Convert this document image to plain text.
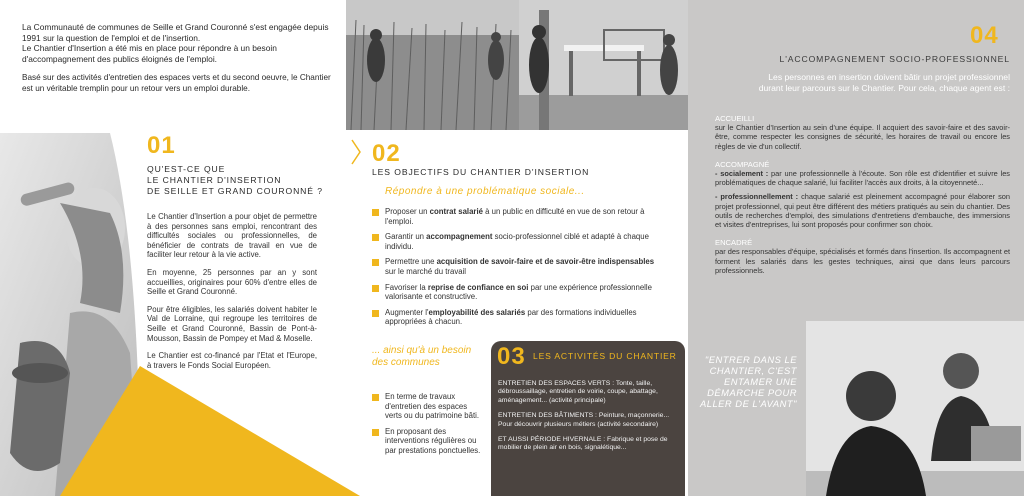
La Communauté de communes de Seille et Grand Couronné s'est engagée depuis 1991 sur la question de l'emploi et de l'insertion.

Le Chantier d'Insertion a été mis en place pour répondre à un besoin d'accompagnement des publics éloignés de l'emploi.

Basé sur des activités d'entretien des espaces verts et du second oeuvre, le Chantier est un véritable tremplin pour un retour vers un emploi durable.

01
QU'EST-CE QUE
LE CHANTIER D'INSERTION
DE SEILLE ET GRAND COURONNÉ ?

Le Chantier d'Insertion a pour objet de permettre à des personnes sans emploi, rencontrant des difficultés sociales ou professionnelles, de bénéficier de contrats de travail en vue de faciliter leur retour à la vie active.

En moyenne, 25 personnes par an y sont accueillies, originaires pour 60% d'entre elles de Seille et Grand Couronné.

Pour être éligibles, les salariés doivent habiter le Val de Lorraine, qui regroupe les territoires de Seille et Grand Couronné, Bassin de Pont-à-Mousson, Bassin de Pompey et Mad & Moselle.

Le Chantier est co-financé par l'Etat et l'Europe, à travers le Fonds Social Européen.

02
LES OBJECTIFS DU CHANTIER D'INSERTION
Répondre à une problématique sociale...
Proposer un contrat salarié à un public en difficulté en vue de son retour à l'emploi.
Garantir un accompagnement socio-professionnel ciblé et adapté à chaque individu.
Permettre une acquisition de savoir-faire et de savoir-être indispensables sur le marché du travail
Favoriser la reprise de confiance en soi par une expérience professionnelle valorisante et constructive.
Augmenter l'employabilité des salariés par des formations individuelles appropriées à chacun.
... ainsi qu'à un besoin des communes
En terme de travaux d'entretien des espaces verts ou du patrimoine bâti.
En proposant des interventions régulières ou par prestations ponctuelles.
03 LES ACTIVITÉS DU CHANTIER

ENTRETIEN DES ESPACES VERTS : Tonte, taille, débroussaillage, entretien de voirie, coupe, abattage, aménagement... (activité principale)

ENTRETIEN DES BÂTIMENTS : Peinture, maçonnerie... Pour découvrir plusieurs métiers (activité secondaire)

ET AUSSI PÉRIODE HIVERNALE : Fabrique et pose de mobilier de plein air en bois, signalétique...

04
L'ACCOMPAGNEMENT SOCIO-PROFESSIONNEL
Les personnes en insertion doivent bâtir un projet professionnel durant leur parcours sur le Chantier. Pour cela, chaque agent est :
ACCUEILLI

sur le Chantier d'Insertion au sein d'une équipe. Il acquiert des savoir-faire et des savoir-être, comme respecter les consignes de sécurité, les horaires de travail ou encore les règles de vie d'un collectif.

ACCOMPAGNÉ

- socialement : par une professionnelle à l'écoute. Son rôle est d'identifier et suivre les problématiques de chaque salarié, lui faciliter l'accès aux droits, à la citoyenneté...

- professionnellement : chaque salarié est pleinement accompagné pour élaborer son projet professionnel, qui peut être différent des métiers pratiqués au sein du chantier. Des outils de recherches d'emploi, des simulations d'entretiens d'embauche, des immersions et visites d'entreprises, lui sont proposés pour confirmer son choix.

ENCADRÉ

par des responsables d'équipe, spécialisés et formés dans l'insertion. Ils accompagnent et forment les salariés dans les gestes techniques, ainsi que dans leurs parcours professionnels.

"ENTRER DANS LE CHANTIER, C'EST ENTAMER UNE DÉMARCHE POUR ALLER DE L'AVANT"
